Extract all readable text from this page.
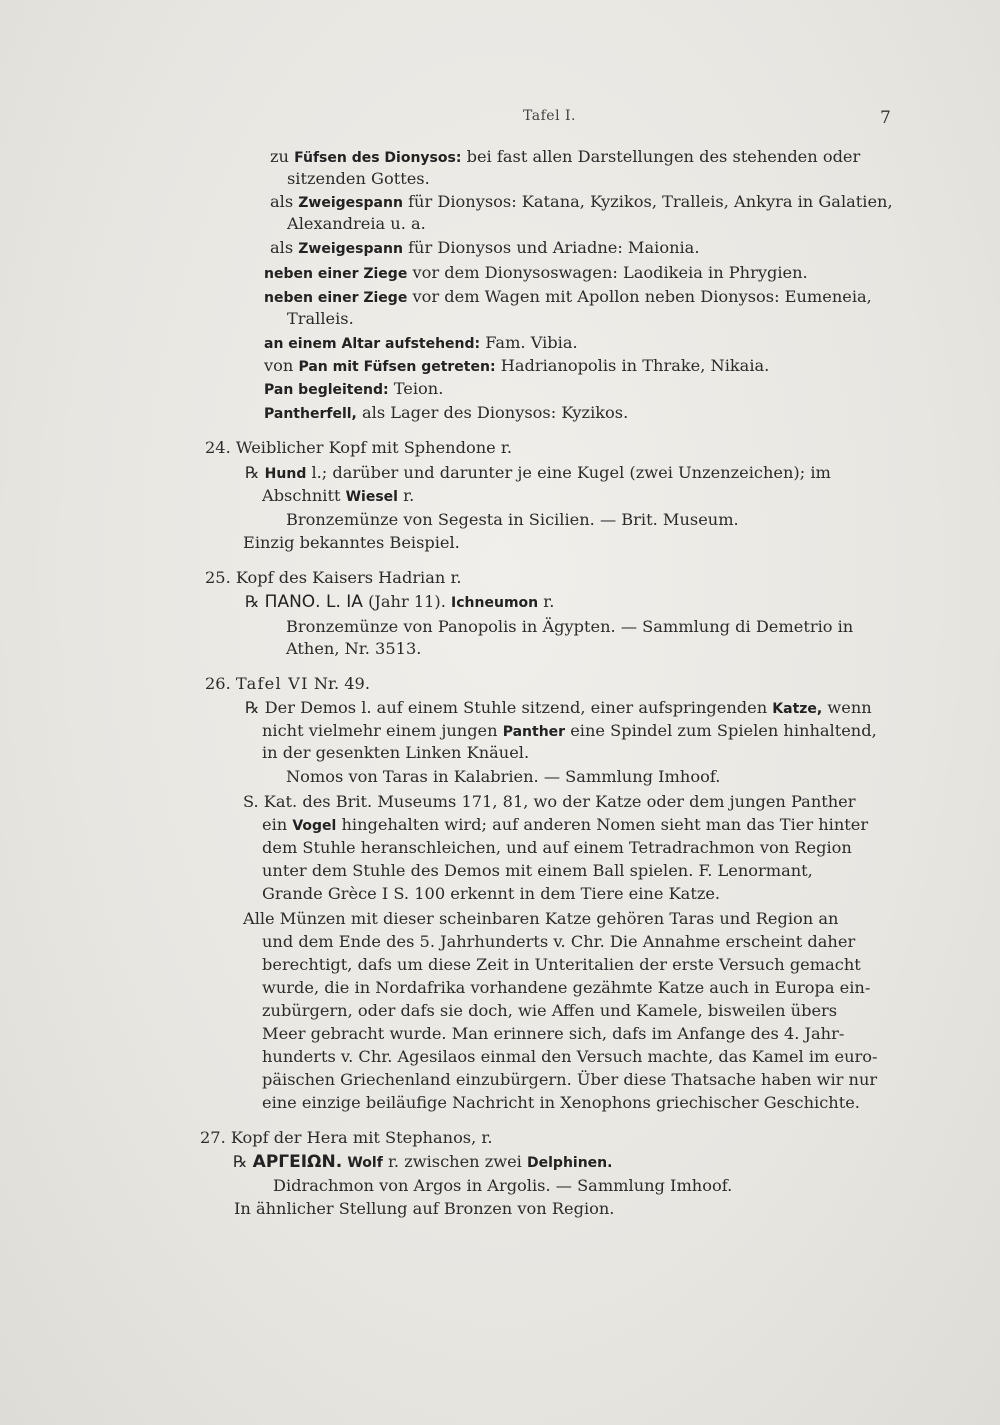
Tafel I.	7
zu Füfsen des Dionysos: bei fast allen Darstellungen des stehenden oder
sitzenden Gottes.
als Zweigespann für Dionysos: Katana, Kyzikos, Tralleis, Ankyra in Galatien,
Alexandreia u. a.
als Zweigespann für Dionysos und Ariadne: Maionia.
neben einer Ziege vor dem Dionysoswagen: Laodikeia in Phrygien.
neben einer Ziege vor dem Wagen mit Apollon neben Dionysos: Eumeneia,
Tralleis.
an einem Altar aufstehend: Fam. Vibia.
von Pan mit Füfsen getreten: Hadrianopolis in Thrake, Nikaia.
Pan begleitend: Teion.
Pantherfell, als Lager des Dionysos: Kyzikos.
24. Weiblicher Kopf mit Sphendone r.
℞ Hund l.; darüber und darunter je eine Kugel (zwei Unzenzeichen); im
Abschnitt Wiesel r.
Bronzemünze von Segesta in Sicilien. — Brit. Museum.
Einzig bekanntes Beispiel.
25. Kopf des Kaisers Hadrian r.
℞ ΠΑΝΟ. L. ΙΑ (Jahr 11). Ichneumon r.
Bronzemünze von Panopolis in Ägypten. — Sammlung di Demetrio in
Athen, Nr. 3513.
26. Tafel VI Nr. 49.
℞ Der Demos l. auf einem Stuhle sitzend, einer aufspringenden Katze, wenn
nicht vielmehr einem jungen Panther eine Spindel zum Spielen hinhaltend,
in der gesenkten Linken Knäuel.
Nomos von Taras in Kalabrien. — Sammlung Imhoof.
S. Kat. des Brit. Museums 171, 81, wo der Katze oder dem jungen Panther
ein Vogel hingehalten wird; auf anderen Nomen sieht man das Tier hinter
dem Stuhle heranschleichen, und auf einem Tetradrachmon von Region
unter dem Stuhle des Demos mit einem Ball spielen. F. Lenormant,
Grande Grèce I S. 100 erkennt in dem Tiere eine Katze.
Alle Münzen mit dieser scheinbaren Katze gehören Taras und Region an
und dem Ende des 5. Jahrhunderts v. Chr. Die Annahme erscheint daher
berechtigt, dafs um diese Zeit in Unteritalien der erste Versuch gemacht
wurde, die in Nordafrika vorhandene gezähmte Katze auch in Europa ein-
zubürgern, oder dafs sie doch, wie Affen und Kamele, bisweilen übers
Meer gebracht wurde. Man erinnere sich, dafs im Anfange des 4. Jahr-
hunderts v. Chr. Agesilaos einmal den Versuch machte, das Kamel im euro-
päischen Griechenland einzubürgern. Über diese Thatsache haben wir nur
eine einzige beiläufige Nachricht in Xenophons griechischer Geschichte.
27. Kopf der Hera mit Stephanos, r.
℞ ΑΡΓΕΙΩΝ. Wolf r. zwischen zwei Delphinen.
Didrachmon von Argos in Argolis. — Sammlung Imhoof.
In ähnlicher Stellung auf Bronzen von Region.
